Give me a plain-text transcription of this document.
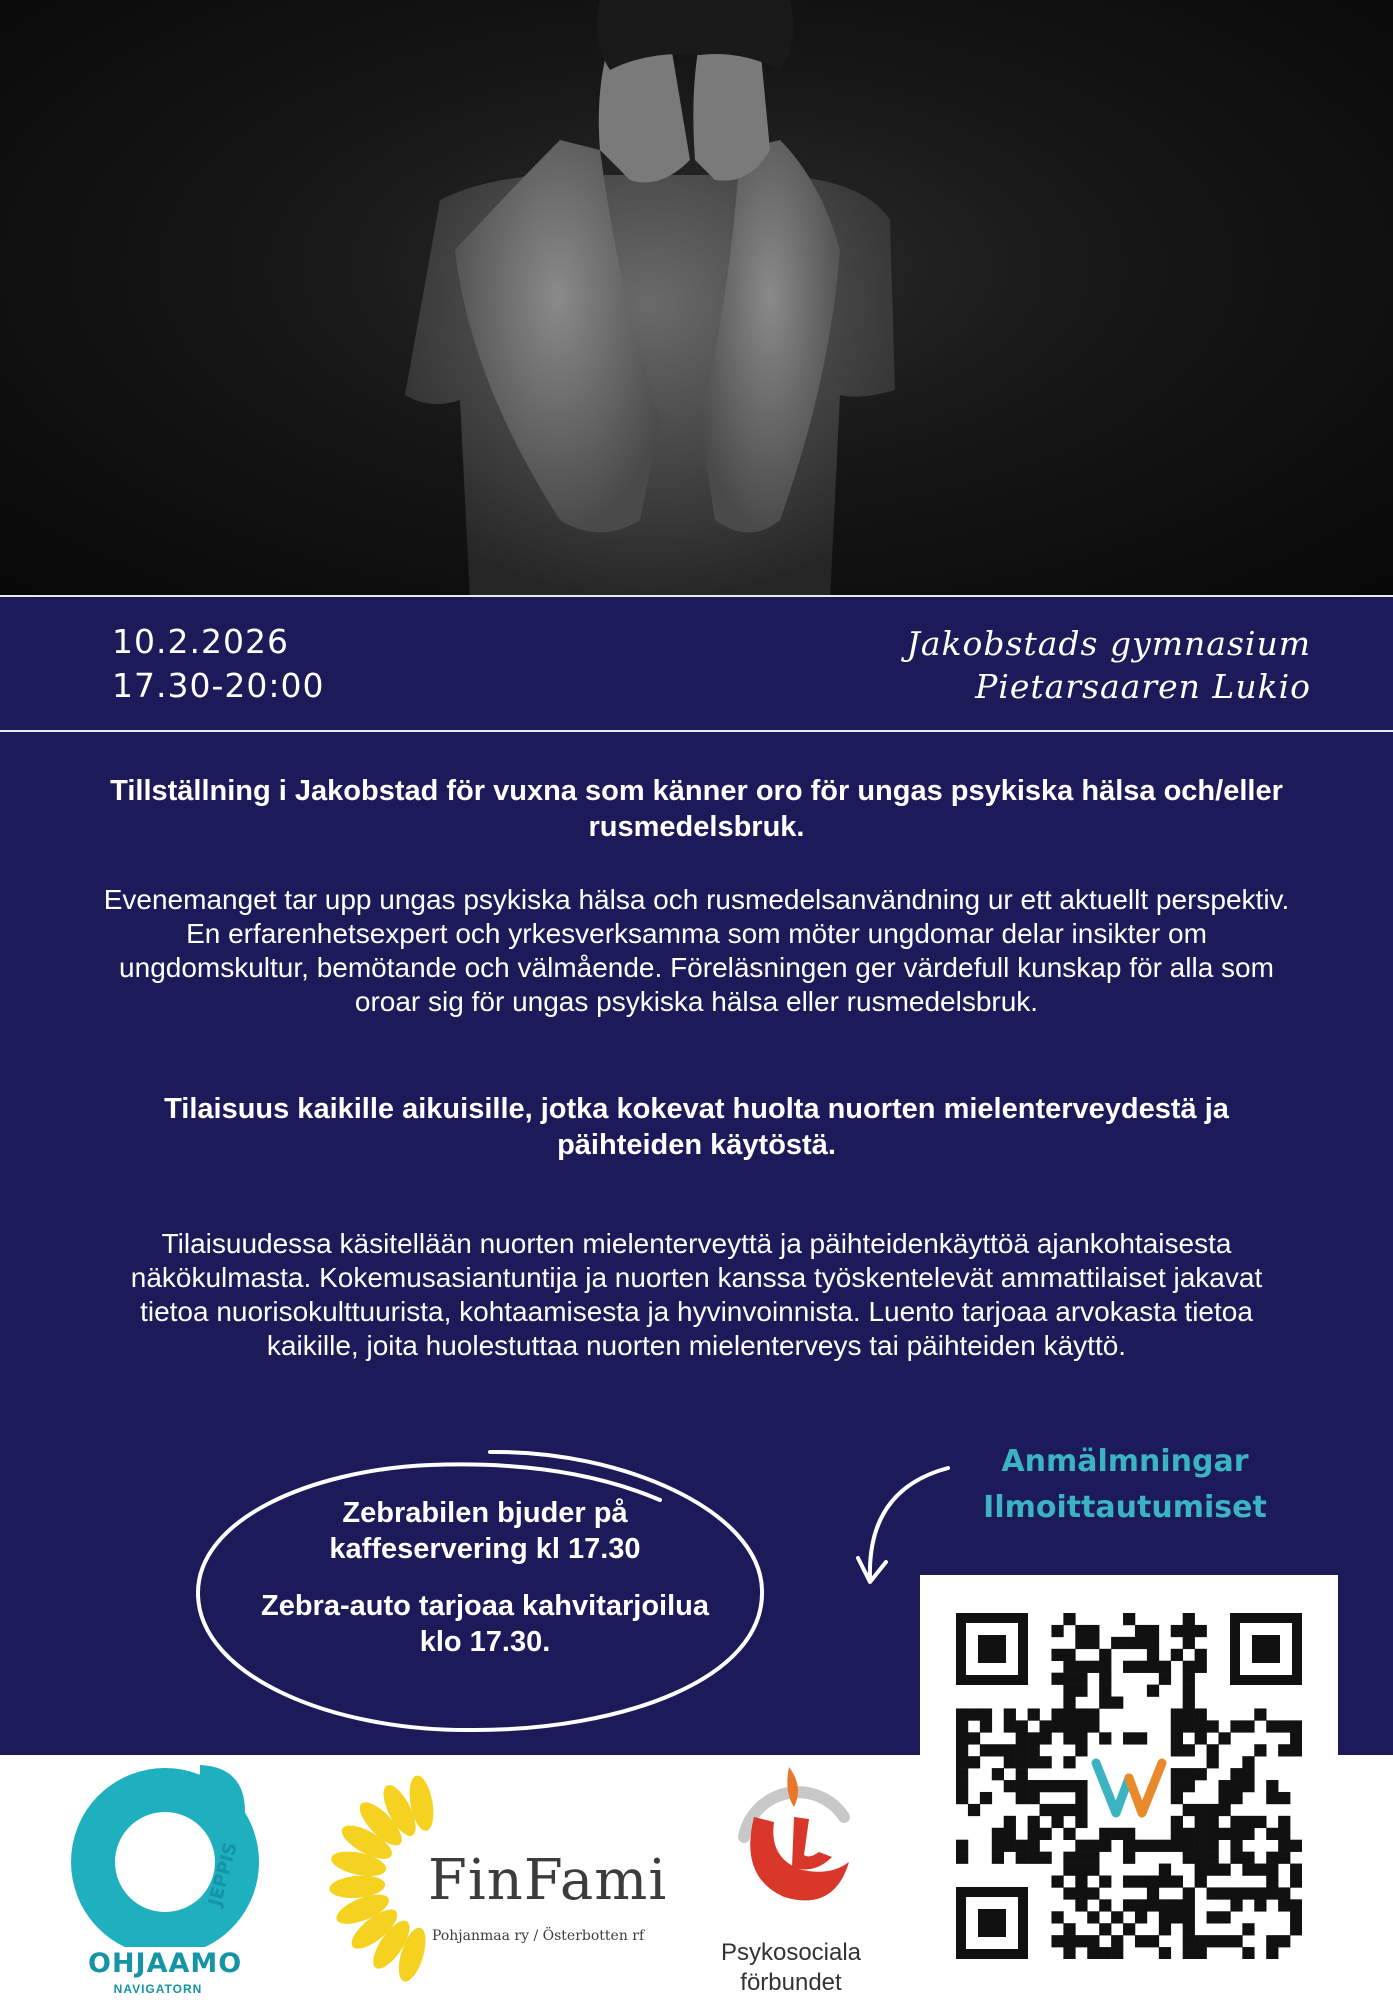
10.2.2026
17.30-20:00
Jakobstads gymnasium
Pietarsaaren Lukio
Tillställning i Jakobstad för vuxna som känner oro för ungas psykiska hälsa och/eller rusmedelsbruk.
Evenemanget tar upp ungas psykiska hälsa och rusmedelsanvändning ur ett aktuellt perspektiv. En erfarenhetsexpert och yrkesverksamma som möter ungdomar delar insikter om ungdomskultur, bemötande och välmående. Föreläsningen ger värdefull kunskap för alla som oroar sig för ungas psykiska hälsa eller rusmedelsbruk.
Tilaisuus kaikille aikuisille, jotka kokevat huolta nuorten mielenterveydestä ja päihteiden käytöstä.
Tilaisuudessa käsitellään nuorten mielenterveyttä ja päihteidenkäyttöä ajankohtaisesta näkökulmasta. Kokemusasiantuntija ja nuorten kanssa työskentelevät ammattilaiset jakavat tietoa nuorisokulttuurista, kohtaamisesta ja hyvinvoinnista. Luento tarjoaa arvokasta tietoa kaikille, joita huolestuttaa nuorten mielenterveys tai päihteiden käyttö.
Zebrabilen bjuder på kaffeservering kl 17.30
Zebra-auto tarjoaa kahvitarjoilua klo 17.30.
Anmälmningar
Ilmoittautumiset
JEPPIS
OHJAAMO
NAVIGATORN
FinFami
Pohjanmaa ry / Österbotten rf
Psykosociala förbundet
